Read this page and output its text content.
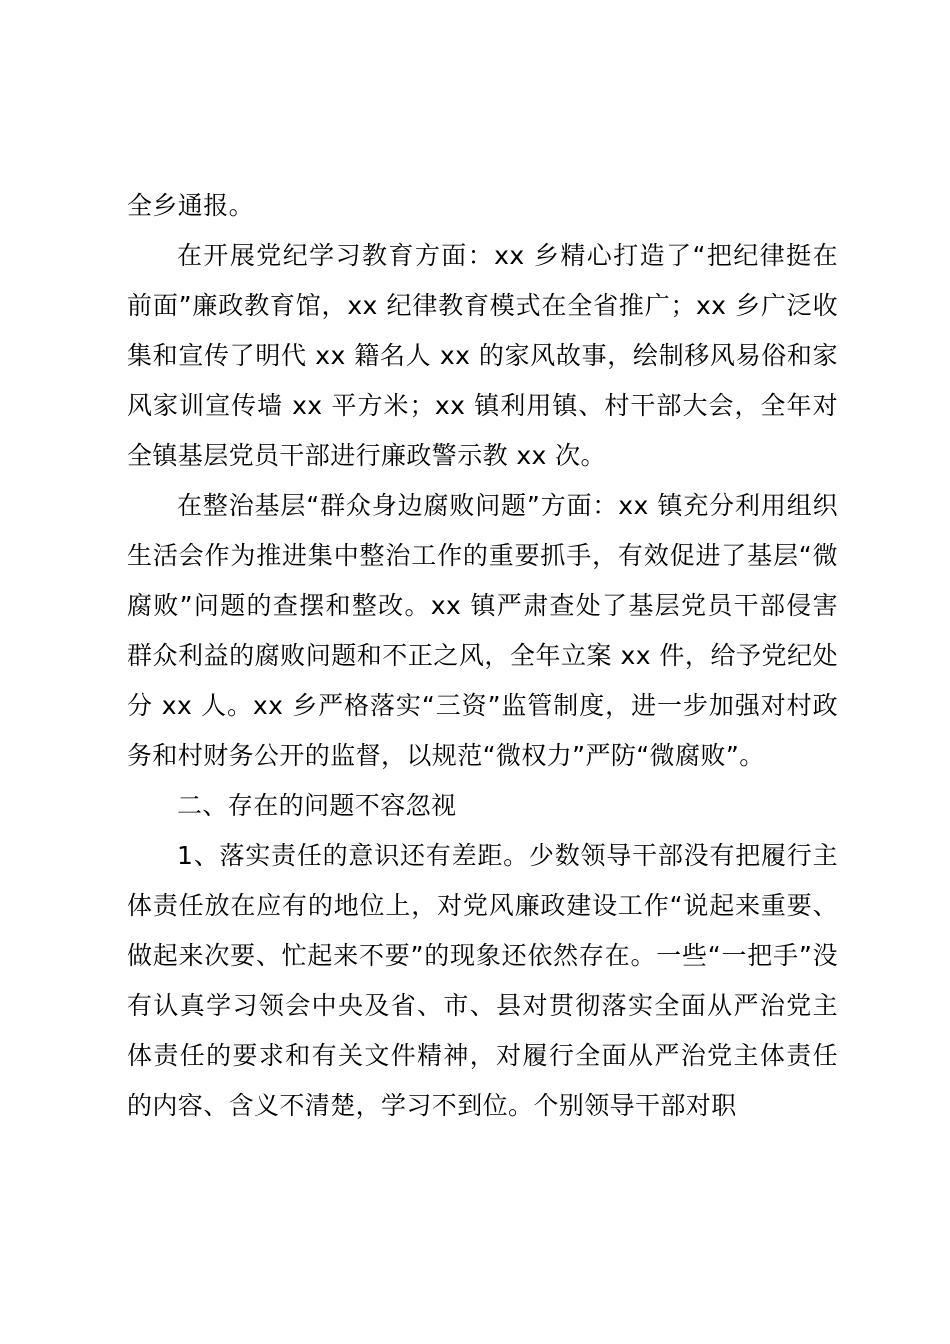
全乡通报。

在开展党纪学习教育方面：xx 乡精心打造了“把纪律挺在前面”廉政教育馆，xx 纪律教育模式在全省推广；xx 乡广泛收集和宣传了明代 xx 籍名人 xx 的家风故事，绘制移风易俗和家风家训宣传墙 xx 平方米；xx 镇利用镇、村干部大会，全年对全镇基层党员干部进行廉政警示教 xx 次。

在整治基层“群众身边腐败问题”方面：xx 镇充分利用组织生活会作为推进集中整治工作的重要抓手，有效促进了基层“微腐败”问题的查摆和整改。xx 镇严肃查处了基层党员干部侵害群众利益的腐败问题和不正之风，全年立案 xx 件，给予党纪处分 xx 人。xx 乡严格落实“三资”监管制度，进一步加强对村政务和村财务公开的监督，以规范“微权力”严防“微腐败”。

二、存在的问题不容忽视

1、落实责任的意识还有差距。少数领导干部没有把履行主体责任放在应有的地位上，对党风廉政建设工作“说起来重要、做起来次要、忙起来不要”的现象还依然存在。一些“一把手”没有认真学习领会中央及省、市、县对贯彻落实全面从严治党主体责任的要求和有关文件精神，对履行全面从严治党主体责任的内容、含义不清楚，学习不到位。个别领导干部对职
